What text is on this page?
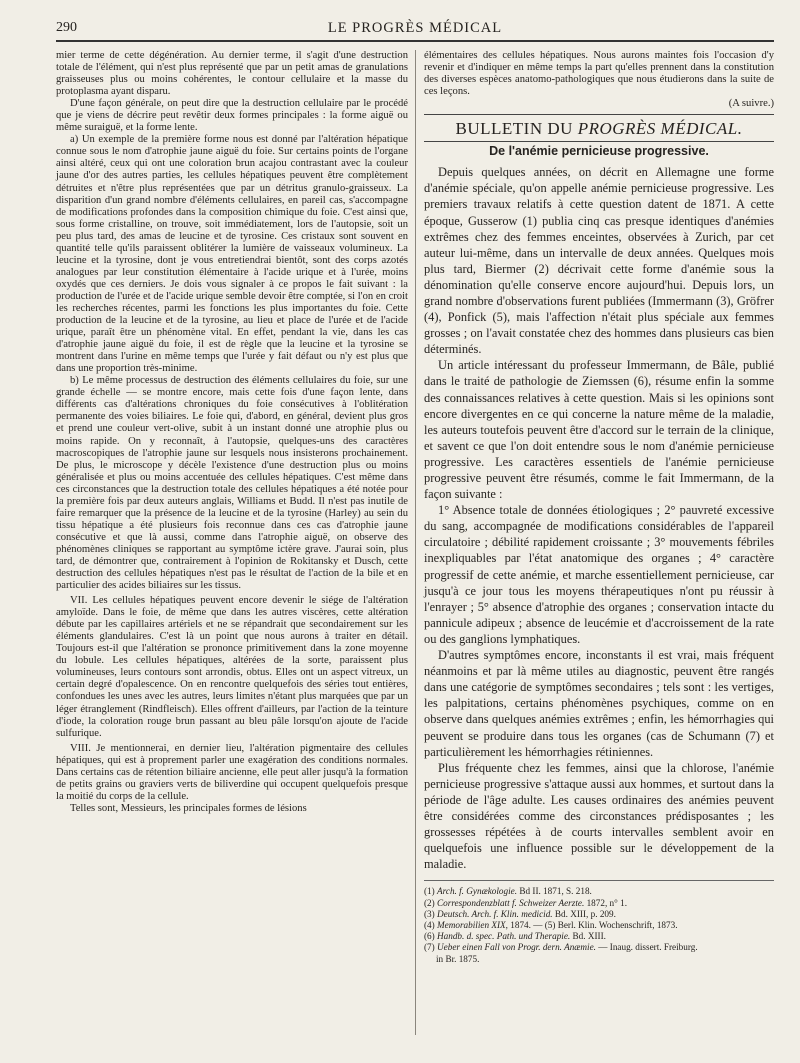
290	LE PROGRÈS MÉDICAL

mier terme de cette dégénération. Au dernier terme, il s'agit d'une destruction totale de l'élément, qui n'est plus représenté que par un petit amas de granulations graisseuses plus ou moins cohérentes, le contour cellulaire et la masse du protoplasma ayant disparu.

D'une façon générale, on peut dire que la destruction cellulaire par le procédé que je viens de décrire peut revêtir deux formes principales : la forme aiguë ou même suraiguë, et la forme lente.

a) Un exemple de la première forme nous est donné par l'altération hépatique connue sous le nom d'atrophie jaune aiguë du foie. Sur certains points de l'organe ainsi altéré, ceux qui ont une coloration brun acajou contrastant avec la couleur jaune d'or des autres parties, les cellules hépatiques peuvent être complètement détruites et n'être plus représentées que par un détritus granulo-graisseux. La disparition d'un grand nombre d'éléments cellulaires, en pareil cas, s'accompagne de modifications profondes dans la composition chimique du foie. C'est ainsi que, sous forme cristalline, on trouve, soit immédiatement, lors de l'autopsie, soit un peu plus tard, des amas de leucine et de tyrosine. Ces cristaux sont souvent en quantité telle qu'ils paraissent oblitérer la lumière de vaisseaux volumineux. La leucine et la tyrosine, dont je vous entretiendrai bientôt, sont des corps azotés analogues par leur constitution élémentaire à l'acide urique et à l'urée, moins oxydés que ces derniers. Je dois vous signaler à ce propos le fait suivant : la production de l'urée et de l'acide urique semble devoir être comptée, si l'on en croit les recherches récentes, parmi les fonctions les plus importantes du foie. Cette production de la leucine et de la tyrosine, au lieu et place de l'urée et de l'acide urique, paraît être un phénomène vital. En effet, pendant la vie, dans les cas d'atrophie jaune aiguë du foie, il est de règle que la leucine et la tyrosine se montrent dans l'urine en même temps que l'urée y fait défaut ou n'y est plus que dans une proportion très-minime.

b) Le même processus de destruction des éléments cellulaires du foie, sur une grande échelle — se montre encore, mais cette fois d'une façon lente, dans différents cas d'altérations chroniques du foie consécutives à l'oblitération permanente des voies biliaires. Le foie qui, d'abord, en général, devient plus gros et prend une couleur vert-olive, subit à un instant donné une atrophie plus ou moins rapide. On y reconnaît, à l'autopsie, quelques-uns des caractères macroscopiques de l'atrophie jaune sur lesquels nous insisterons prochainement. De plus, le microscope y décèle l'existence d'une destruction plus ou moins généralisée et plus ou moins accentuée des cellules hépatiques. C'est même dans ces circonstances que la destruction totale des cellules hépatiques a été notée pour la première fois par deux auteurs anglais, Williams et Budd. Il n'est pas inutile de faire remarquer que la présence de la leucine et de la tyrosine (Harley) au sein du tissu hépatique a été plusieurs fois reconnue dans ces cas d'atrophie jaune consécutive et que là aussi, comme dans l'atrophie aiguë, on observe des phénomènes cliniques se rapportant au symptôme ictère grave. J'aurai soin, plus tard, de démontrer que, contrairement à l'opinion de Rokitansky et Dusch, cette destruction des cellules hépatiques n'est pas le résultat de l'action de la bile et en particulier des acides biliaires sur les tissus.

VII. Les cellules hépatiques peuvent encore devenir le siége de l'altération amyloïde. Dans le foie, de même que dans les autres viscères, cette altération débute par les capillaires artériels et ne se répandrait que secondairement sur les éléments glandulaires. C'est là un point que nous aurons à traiter en détail. Toujours est-il que l'altération se prononce primitivement dans la zone moyenne du lobule. Les cellules hépatiques, altérées de la sorte, paraissent plus volumineuses, leurs contours sont arrondis, obtus. Elles ont un aspect vitreux, un certain degré d'opalescence. On en rencontre quelquefois des séries tout entières, confondues les unes avec les autres, leurs limites n'étant plus marquées que par un léger étranglement (Rindfleisch). Elles offrent d'ailleurs, par l'action de la teinture d'iode, la coloration rouge brun passant au bleu pâle lorsqu'on ajoute de l'acide sulfurique.

VIII. Je mentionnerai, en dernier lieu, l'altération pigmentaire des cellules hépatiques, qui est à proprement parler une exagération des conditions normales. Dans certains cas de rétention biliaire ancienne, elle peut aller jusqu'à la formation de petits grains ou graviers verts de biliverdine qui occupent quelquefois presque la moitié du corps de la cellule.

Telles sont, Messieurs, les principales formes de lésions

élémentaires des cellules hépatiques. Nous aurons maintes fois l'occasion d'y revenir et d'indiquer en même temps la part qu'elles prennent dans la constitution des diverses espèces anatomo-pathologiques que nous étudierons dans la suite de ces leçons.
(A suivre.)
BULLETIN DU PROGRÈS MÉDICAL.
De l'anémie pernicieuse progressive.

Depuis quelques années, on décrit en Allemagne une forme d'anémie spéciale, qu'on appelle anémie pernicieuse progressive. Les premiers travaux relatifs à cette question datent de 1871. A cette époque, Gusserow (1) publia cinq cas presque identiques d'anémies extrêmes chez des femmes enceintes, observées à Zurich, par cet auteur lui-même, dans un intervalle de deux années. Quelques mois plus tard, Biermer (2) décrivait cette forme d'anémie sous la dénomination qu'elle conserve encore aujourd'hui. Depuis lors, un grand nombre d'observations furent publiées (Immermann (3), Gröfrer (4), Ponfick (5), mais l'affection n'était plus spéciale aux femmes grosses ; on l'avait constatée chez des hommes dans plusieurs cas bien déterminés.

Un article intéressant du professeur Immermann, de Bâle, publié dans le traité de pathologie de Ziemssen (6), résume enfin la somme des connaissances relatives à cette question. Mais si les opinions sont encore divergentes en ce qui concerne la nature même de la maladie, les auteurs toutefois peuvent être d'accord sur le terrain de la clinique, et savent ce que l'on doit entendre sous le nom d'anémie pernicieuse progressive. Les caractères essentiels de l'anémie pernicieuse progressive peuvent être résumés, comme le fait Immermann, de la façon suivante :

1° Absence totale de données étiologiques ; 2° pauvreté excessive du sang, accompagnée de modifications considérables de l'appareil circulatoire ; débilité rapidement croissante ; 3° mouvements fébriles inexpliquables par l'état anatomique des organes ; 4° caractère progressif de cette anémie, et marche essentiellement pernicieuse, car jusqu'à ce jour tous les moyens thérapeutiques n'ont pu réussir à l'enrayer ; 5° absence d'atrophie des organes ; conservation intacte du pannicule adipeux ; absence de leucémie et d'accroissement de la rate ou des ganglions lymphatiques.

D'autres symptômes encore, inconstants il est vrai, mais fréquent néanmoins et par là même utiles au diagnostic, peuvent être rangés dans une catégorie de symptômes secondaires ; tels sont : les vertiges, les palpitations, certains phénomènes psychiques, comme on en observe dans quelques anémies extrêmes ; enfin, les hémorrhagies qui peuvent se produire dans tous les organes (cas de Schumann (7) et particulièrement les hémorrhagies rétiniennes.

Plus fréquente chez les femmes, ainsi que la chlorose, l'anémie pernicieuse progressive s'attaque aussi aux hommes, et surtout dans la période de l'âge adulte. Les causes ordinaires des anémies peuvent être considérées comme des circonstances prédisposantes ; les grossesses répétées à de courts intervalles semblent avoir en quelquefois une influence possible sur le développement de la maladie.

(1) Arch. f. Gynækologie. Bd II. 1871, S. 218.
(2) Correspondenzblatt f. Schweizer Aerzte. 1872, n° 1.
(3) Deutsch. Arch. f. Klin. medicid. Bd. XIII, p. 209.
(4) Memorabilien XIX, 1874. — (5) Berl. Klin. Wochenschrift, 1873.
(6) Handb. d. spec. Path. und Therapie. Bd. XIII.
(7) Ueber einen Fall von Progr. dern. Anæmie. — Inaug. dissert. Freiburg.
in Br. 1875.
